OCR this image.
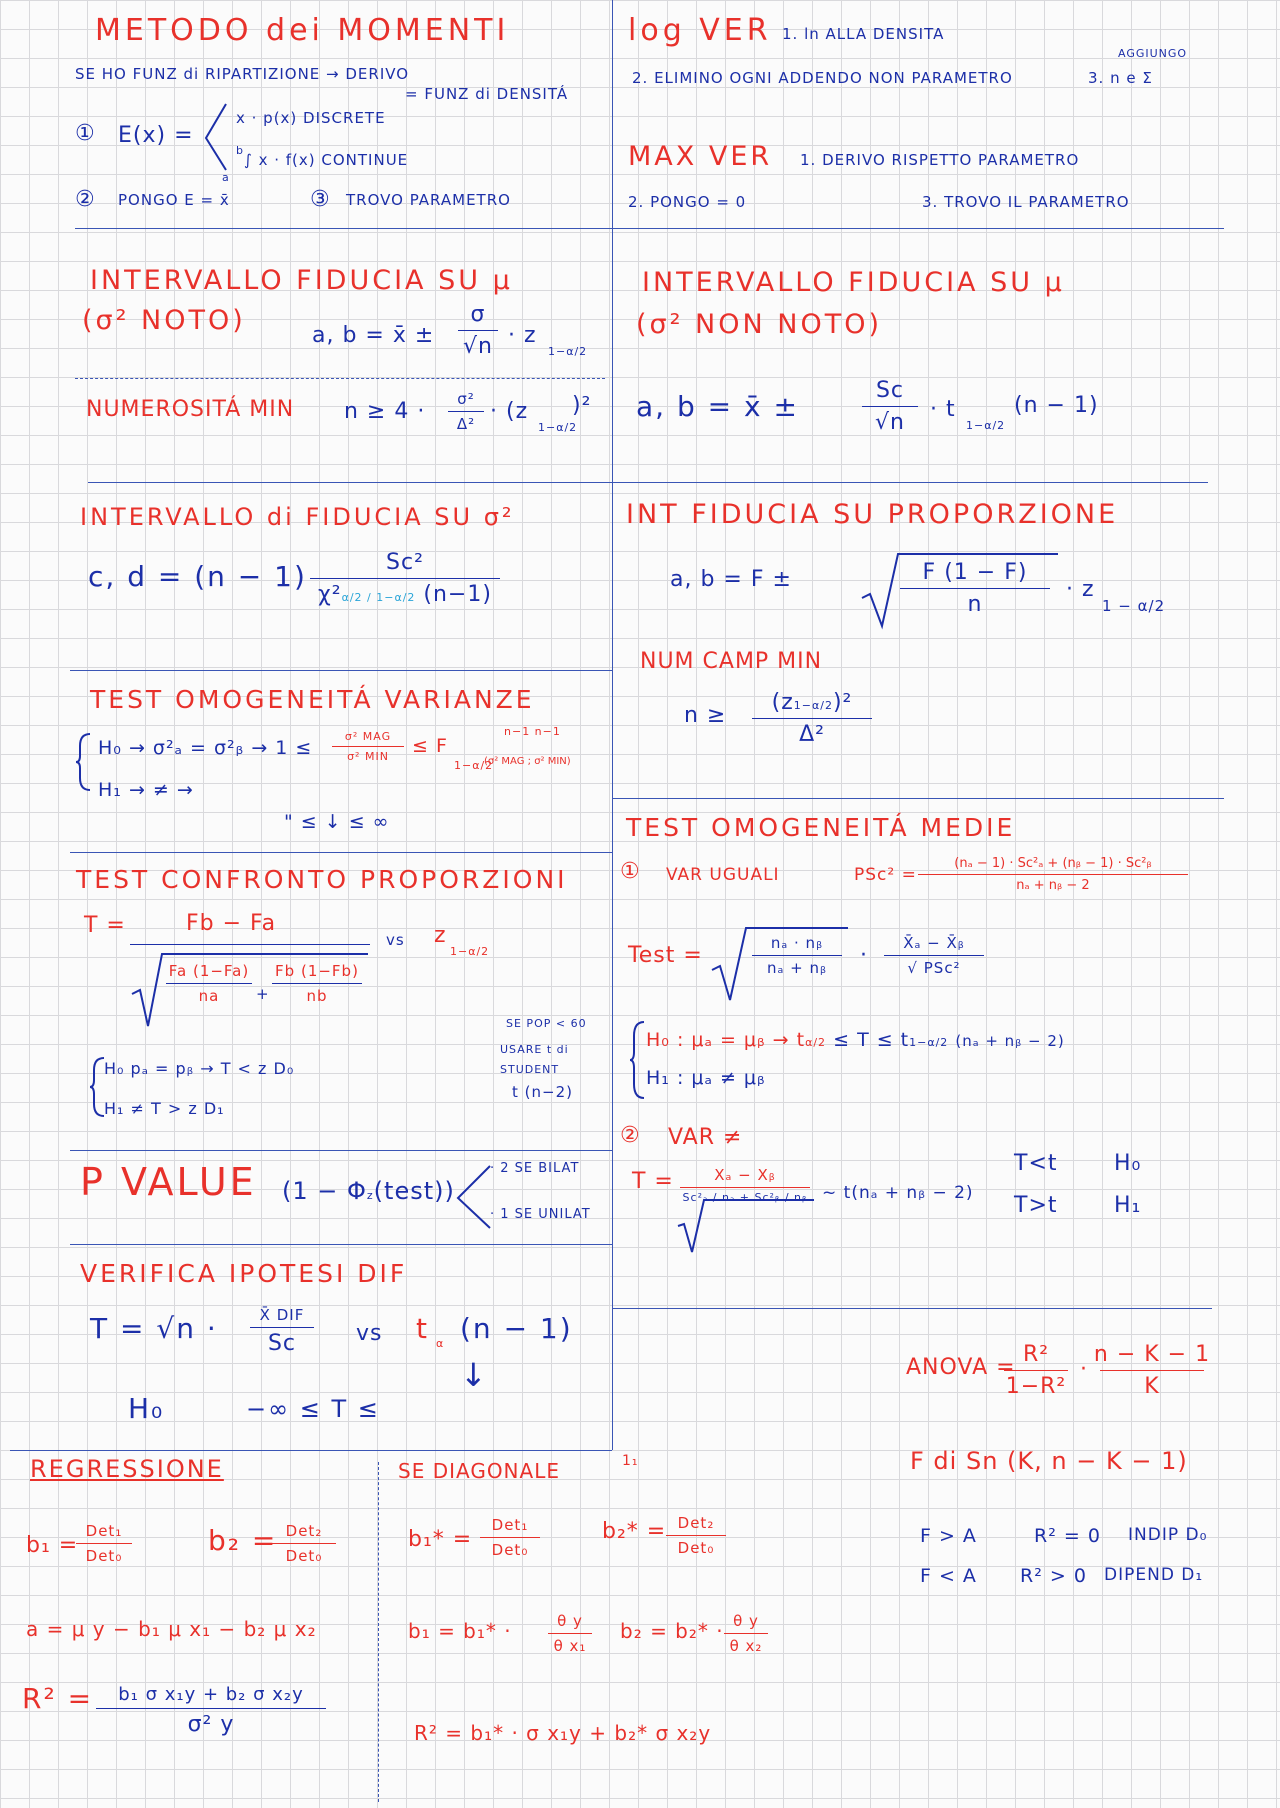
METODO dei MOMENTI
SE HO FUNZ di RIPARTIZIONE → DERIVO
= FUNZ di DENSITÁ
① E(x) =
x · p(x) DISCRETE
b
∫ x · f(x) CONTINUE
a
② PONGO E = x̄	③ TROVO PARAMETRO
log VER 1. ln ALLA DENSITA
AGGIUNGO
2. ELIMINO OGNI ADDENDO NON PARAMETRO	3. n e Σ
MAX VER 1. DERIVO RISPETTO PARAMETRO
2. PONGO = 0	3. TROVO IL PARAMETRO
INTERVALLO FIDUCIA SU μ
(σ² NOTO)	a, b = x̄ ±
σ
√n · z
1−α/2
NUMEROSITÁ MIN n ≥ 4 · σ²
Δ² · (z
1−α/2
)²
INTERVALLO FIDUCIA SU μ
(σ² NON NOTO)
a, b = x̄ ±	Sc
√n
· t
1−α/2
(n − 1)
INTERVALLO di FIDUCIA SU σ²
c, d = (n − 1)	Sc²
χ²α/2 / 1−α/2 (n−1)
INT FIDUCIA SU PROPORZIONE
a, b = F ±	F (1 − F)
n
· z
1 − α/2
NUM CAMP MIN
n ≥
(z1−α/2)²
Δ²
TEST OMOGENEITÁ VARIANZE
H₀ → σ²ₐ = σ²ᵦ → 1 ≤
σ² MAG
σ² MIN ≤ F
1−α/2
n−1 n−1
(σ² MAG ; σ² MIN)
H₁ → ≠ →
" ≤ ↓ ≤ ∞	TEST OMOGENEITÁ MEDIE
① VAR UGUALI	PSc² =
(nₐ − 1) · Sc²ₐ + (nᵦ − 1) · Sc²ᵦ
nₐ + nᵦ − 2
Test =	nₐ · nᵦ
nₐ + nᵦ · X̄ₐ − X̄ᵦ
√ PSc²
H₀ : μₐ = μᵦ → tα/2 ≤ T ≤ t1−α/2 (nₐ + nᵦ − 2)
H₁ : μₐ ≠ μᵦ
② VAR ≠
T =	Xₐ − Xᵦ
Sc²ₐ / nₐ + Sc²ᵦ / nᵦ ~ t(nₐ + nᵦ − 2)
T<t	H₀
T>t	H₁
TEST CONFRONTO PROPORZIONI
T =	Fb − Fa
Fa (1−Fa)
na +
Fb (1−Fb)
nb
vs z
1−α/2
SE POP < 60
USARE t di
STUDENT
t (n−2)
H₀ pₐ = pᵦ → T < z D₀
H₁ ≠ T > z D₁
P VALUE (1 − Φz(test))
· 2 SE BILAT
· 1 SE UNILAT
VERIFICA IPOTESI DIF
T = √n ·	X̄ DIF
Sc	vs t α (n − 1)
↓
H₀	−∞ ≤ T ≤
ANOVA =
R²
1−R²
·
n − K − 1
K
F di Sn (K, n − K − 1)
F > A	R² = 0 INDIP D₀
F < A R² > 0 DIPEND D₁
REGRESSIONE
b₁ =
Det₁
Det₀	b₂ = Det₂
Det₀
a = μ y − b₁ μ x₁ − b₂ μ x₂
R² = b₁ σ x₁y + b₂ σ x₂y
σ² y
SE DIAGONALE	1₁
b₁* =
Det₁
Det₀
b₂* = Det₂
Det₀
b₁ = b₁* ·	θ y
θ x₁
b₂ = b₂* · θ y
θ x₂
R² = b₁* · σ x₁y + b₂* σ x₂y
